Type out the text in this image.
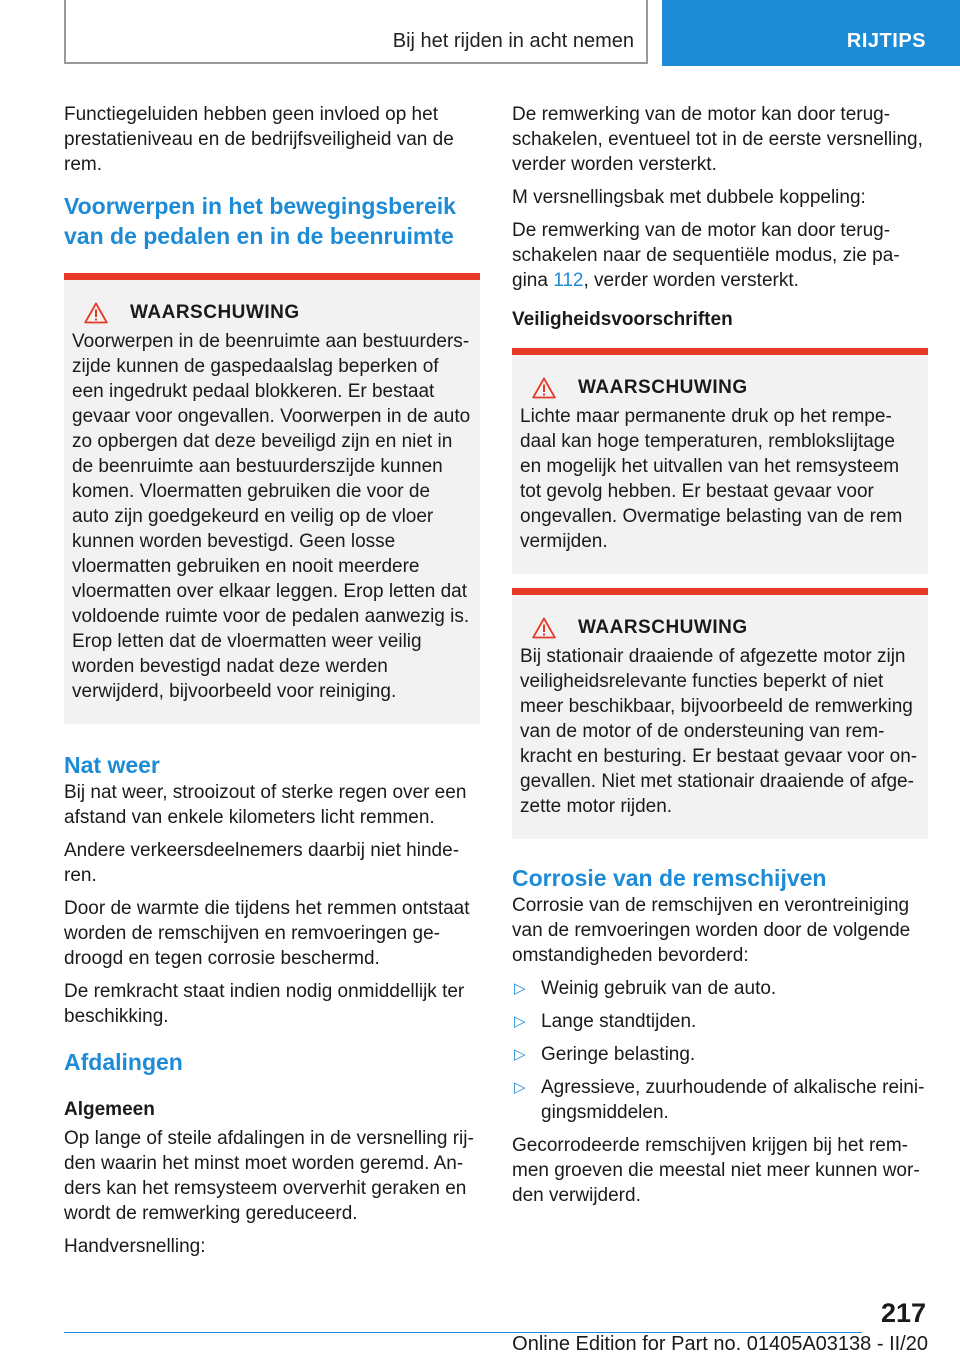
Bij het rijden in acht nemen	RIJTIPS

Functiegeluiden hebben geen invloed op het prestatieniveau en de bedrijfsveiligheid van de rem.

Voorwerpen in het bewegingsbereik van de pedalen en in de beenruimte
WAARSCHUWING

Voorwerpen in de beenruimte aan bestuurderszijde kunnen de gaspedaalslag beperken of een ingedrukt pedaal blokkeren. Er bestaat gevaar voor ongevallen. Voorwerpen in de auto zo opbergen dat deze beveiligd zijn en niet in de beenruimte aan bestuurderszijde kunnen komen. Vloermatten gebruiken die voor de auto zijn goedgekeurd en veilig op de vloer kunnen worden bevestigd. Geen losse vloermatten gebruiken en nooit meerdere vloermatten over elkaar leggen. Erop letten dat voldoende ruimte voor de pedalen aanwezig is. Erop letten dat de vloermatten weer veilig worden bevestigd nadat deze werden verwijderd, bijvoorbeeld voor reiniging.

Nat weer

Bij nat weer, strooizout of sterke regen over een afstand van enkele kilometers licht remmen.

Andere verkeersdeelnemers daarbij niet hinderen.

Door de warmte die tijdens het remmen ontstaat worden de remschijven en remvoeringen gedroogd en tegen corrosie beschermd.

De remkracht staat indien nodig onmiddellijk ter beschikking.

Afdalingen
Algemeen

Op lange of steile afdalingen in de versnelling rijden waarin het minst moet worden geremd. Anders kan het remsysteem oververhit geraken en wordt de remwerking gereduceerd.

Handversnelling:

De remwerking van de motor kan door terugschakelen, eventueel tot in de eerste versnelling, verder worden versterkt.

M versnellingsbak met dubbele koppeling:

De remwerking van de motor kan door terugschakelen naar de sequentiële modus, zie pagina 112, verder worden versterkt.

Veiligheidsvoorschriften
WAARSCHUWING

Lichte maar permanente druk op het rempedaal kan hoge temperaturen, remblokslijtage en mogelijk het uitvallen van het remsysteem tot gevolg hebben. Er bestaat gevaar voor ongevallen. Overmatige belasting van de rem vermijden.

WAARSCHUWING

Bij stationair draaiende of afgezette motor zijn veiligheidsrelevante functies beperkt of niet meer beschikbaar, bijvoorbeeld de remwerking van de motor of de ondersteuning van remkracht en besturing. Er bestaat gevaar voor ongevallen. Niet met stationair draaiende of afgezette motor rijden.

Corrosie van de remschijven

Corrosie van de remschijven en verontreiniging van de remvoeringen worden door de volgende omstandigheden bevorderd:

▷ Weinig gebruik van de auto.
▷ Lange standtijden.
▷ Geringe belasting.
▷ Agressieve, zuurhoudende of alkalische reinigingsmiddelen.

Gecorrodeerde remschijven krijgen bij het remmen groeven die meestal niet meer kunnen worden verwijderd.

217
Online Edition for Part no. 01405A03138 - II/20
